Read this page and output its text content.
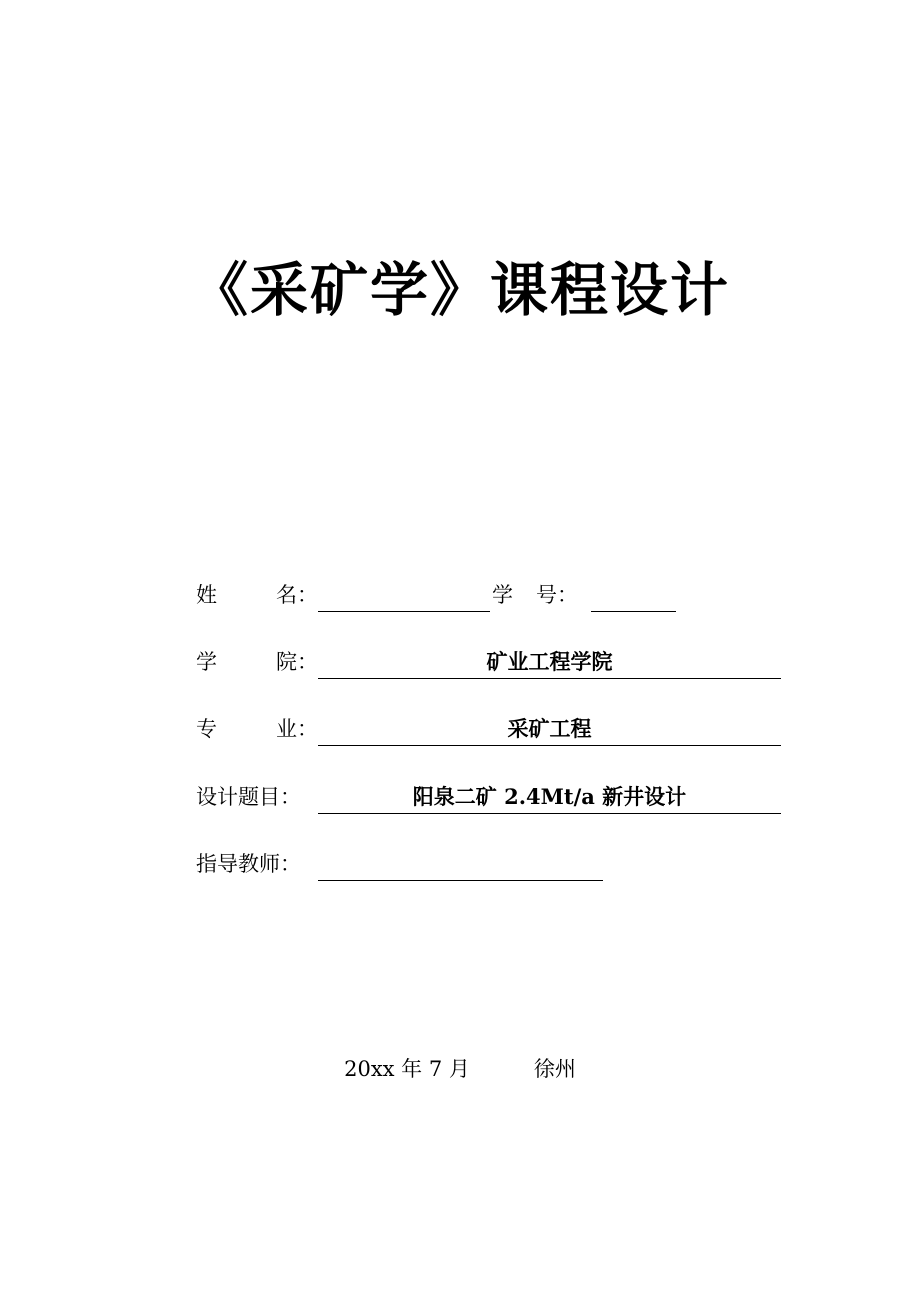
《采矿学》课程设计
姓	名：	学 号：
学	院：	矿业工程学院
专	业：	采矿工程
设计题目：	阳泉二矿 2.4Mt/a 新井设计
指导教师：
20xx 年 7 月	徐州
